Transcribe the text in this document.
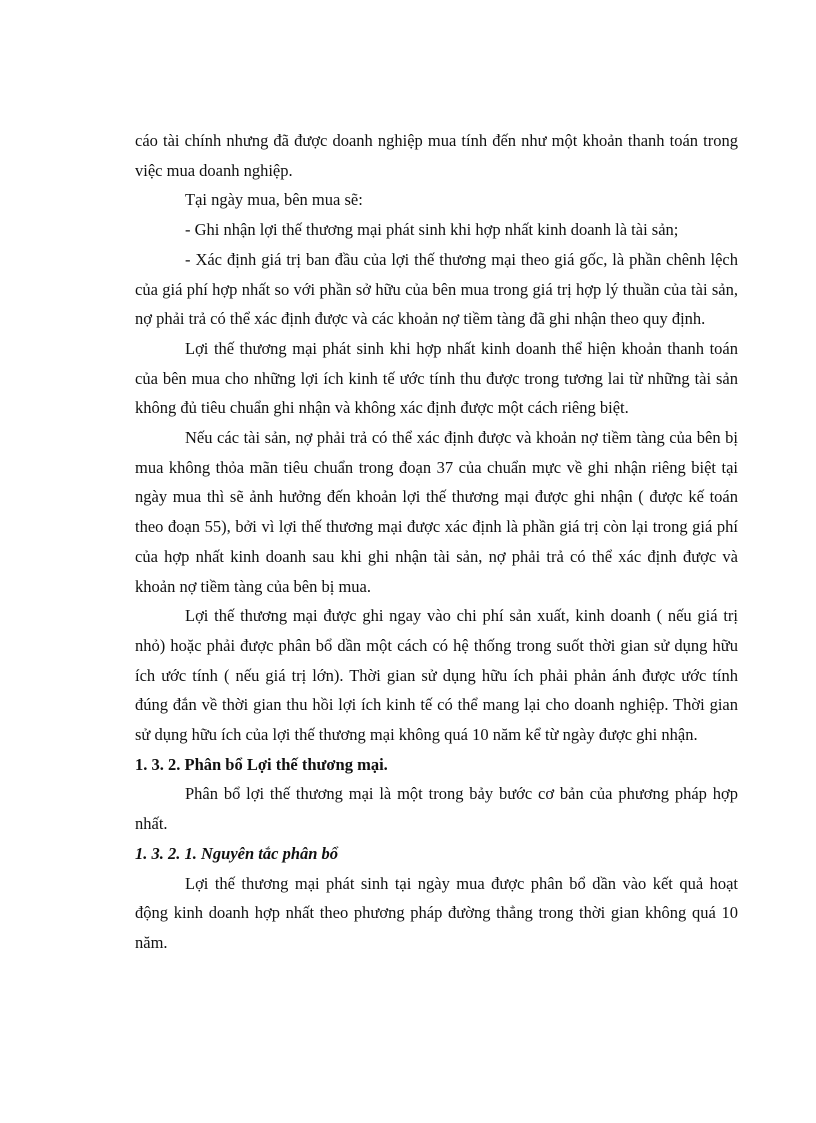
cáo tài chính nhưng đã được doanh nghiệp mua tính đến như một khoản thanh toán trong việc mua doanh nghiệp.

Tại ngày mua, bên mua sẽ:

- Ghi nhận lợi thế thương mại phát sinh khi hợp nhất kinh doanh là tài sản;

- Xác định giá trị ban đầu của lợi thế thương mại theo giá gốc, là phần chênh lệch của giá phí hợp nhất so với phần sở hữu của bên mua trong giá trị hợp lý thuần của tài sản, nợ phải trả có thể xác định được và các khoản nợ tiềm tàng đã ghi nhận theo quy định.

Lợi thế thương mại phát sinh khi hợp nhất kinh doanh thể hiện khoản thanh toán của bên mua cho những lợi ích kinh tế ước tính thu được trong tương lai từ những tài sản không đủ tiêu chuẩn ghi nhận và không xác định được một cách riêng biệt.

Nếu các tài sản, nợ phải trả có thể xác định được và khoản nợ tiềm tàng của bên bị mua không thỏa mãn tiêu chuẩn trong đoạn 37 của chuẩn mực về ghi nhận riêng biệt tại ngày mua thì sẽ ảnh hưởng đến khoản lợi thế thương mại được ghi nhận ( được kế toán theo đoạn 55), bởi vì lợi thế thương mại được xác định là phần giá trị còn lại trong giá phí của hợp nhất kinh doanh sau khi ghi nhận tài sản, nợ phải trả có thể xác định được và khoản nợ tiềm tàng của bên bị mua.

Lợi thế thương mại được ghi ngay vào chi phí sản xuất, kinh doanh ( nếu giá trị nhỏ) hoặc phải được phân bổ dần một cách có hệ thống trong suốt thời gian sử dụng hữu ích ước tính ( nếu giá trị lớn). Thời gian sử dụng hữu ích phải phản ánh được ước tính đúng đắn về thời gian thu hồi lợi ích kinh tế có thể mang lại cho doanh nghiệp. Thời gian sử dụng hữu ích của lợi thế thương mại không quá 10 năm kể từ ngày được ghi nhận.

1. 3. 2. Phân bổ Lợi thế thương mại.

Phân bổ lợi thế thương mại là một trong bảy bước cơ bản của phương pháp hợp nhất.

1. 3. 2. 1. Nguyên tắc phân bổ

Lợi thế thương mại phát sinh tại ngày mua được phân bổ dần vào kết quả hoạt động kinh doanh hợp nhất theo phương pháp đường thẳng trong thời gian không quá 10 năm.
